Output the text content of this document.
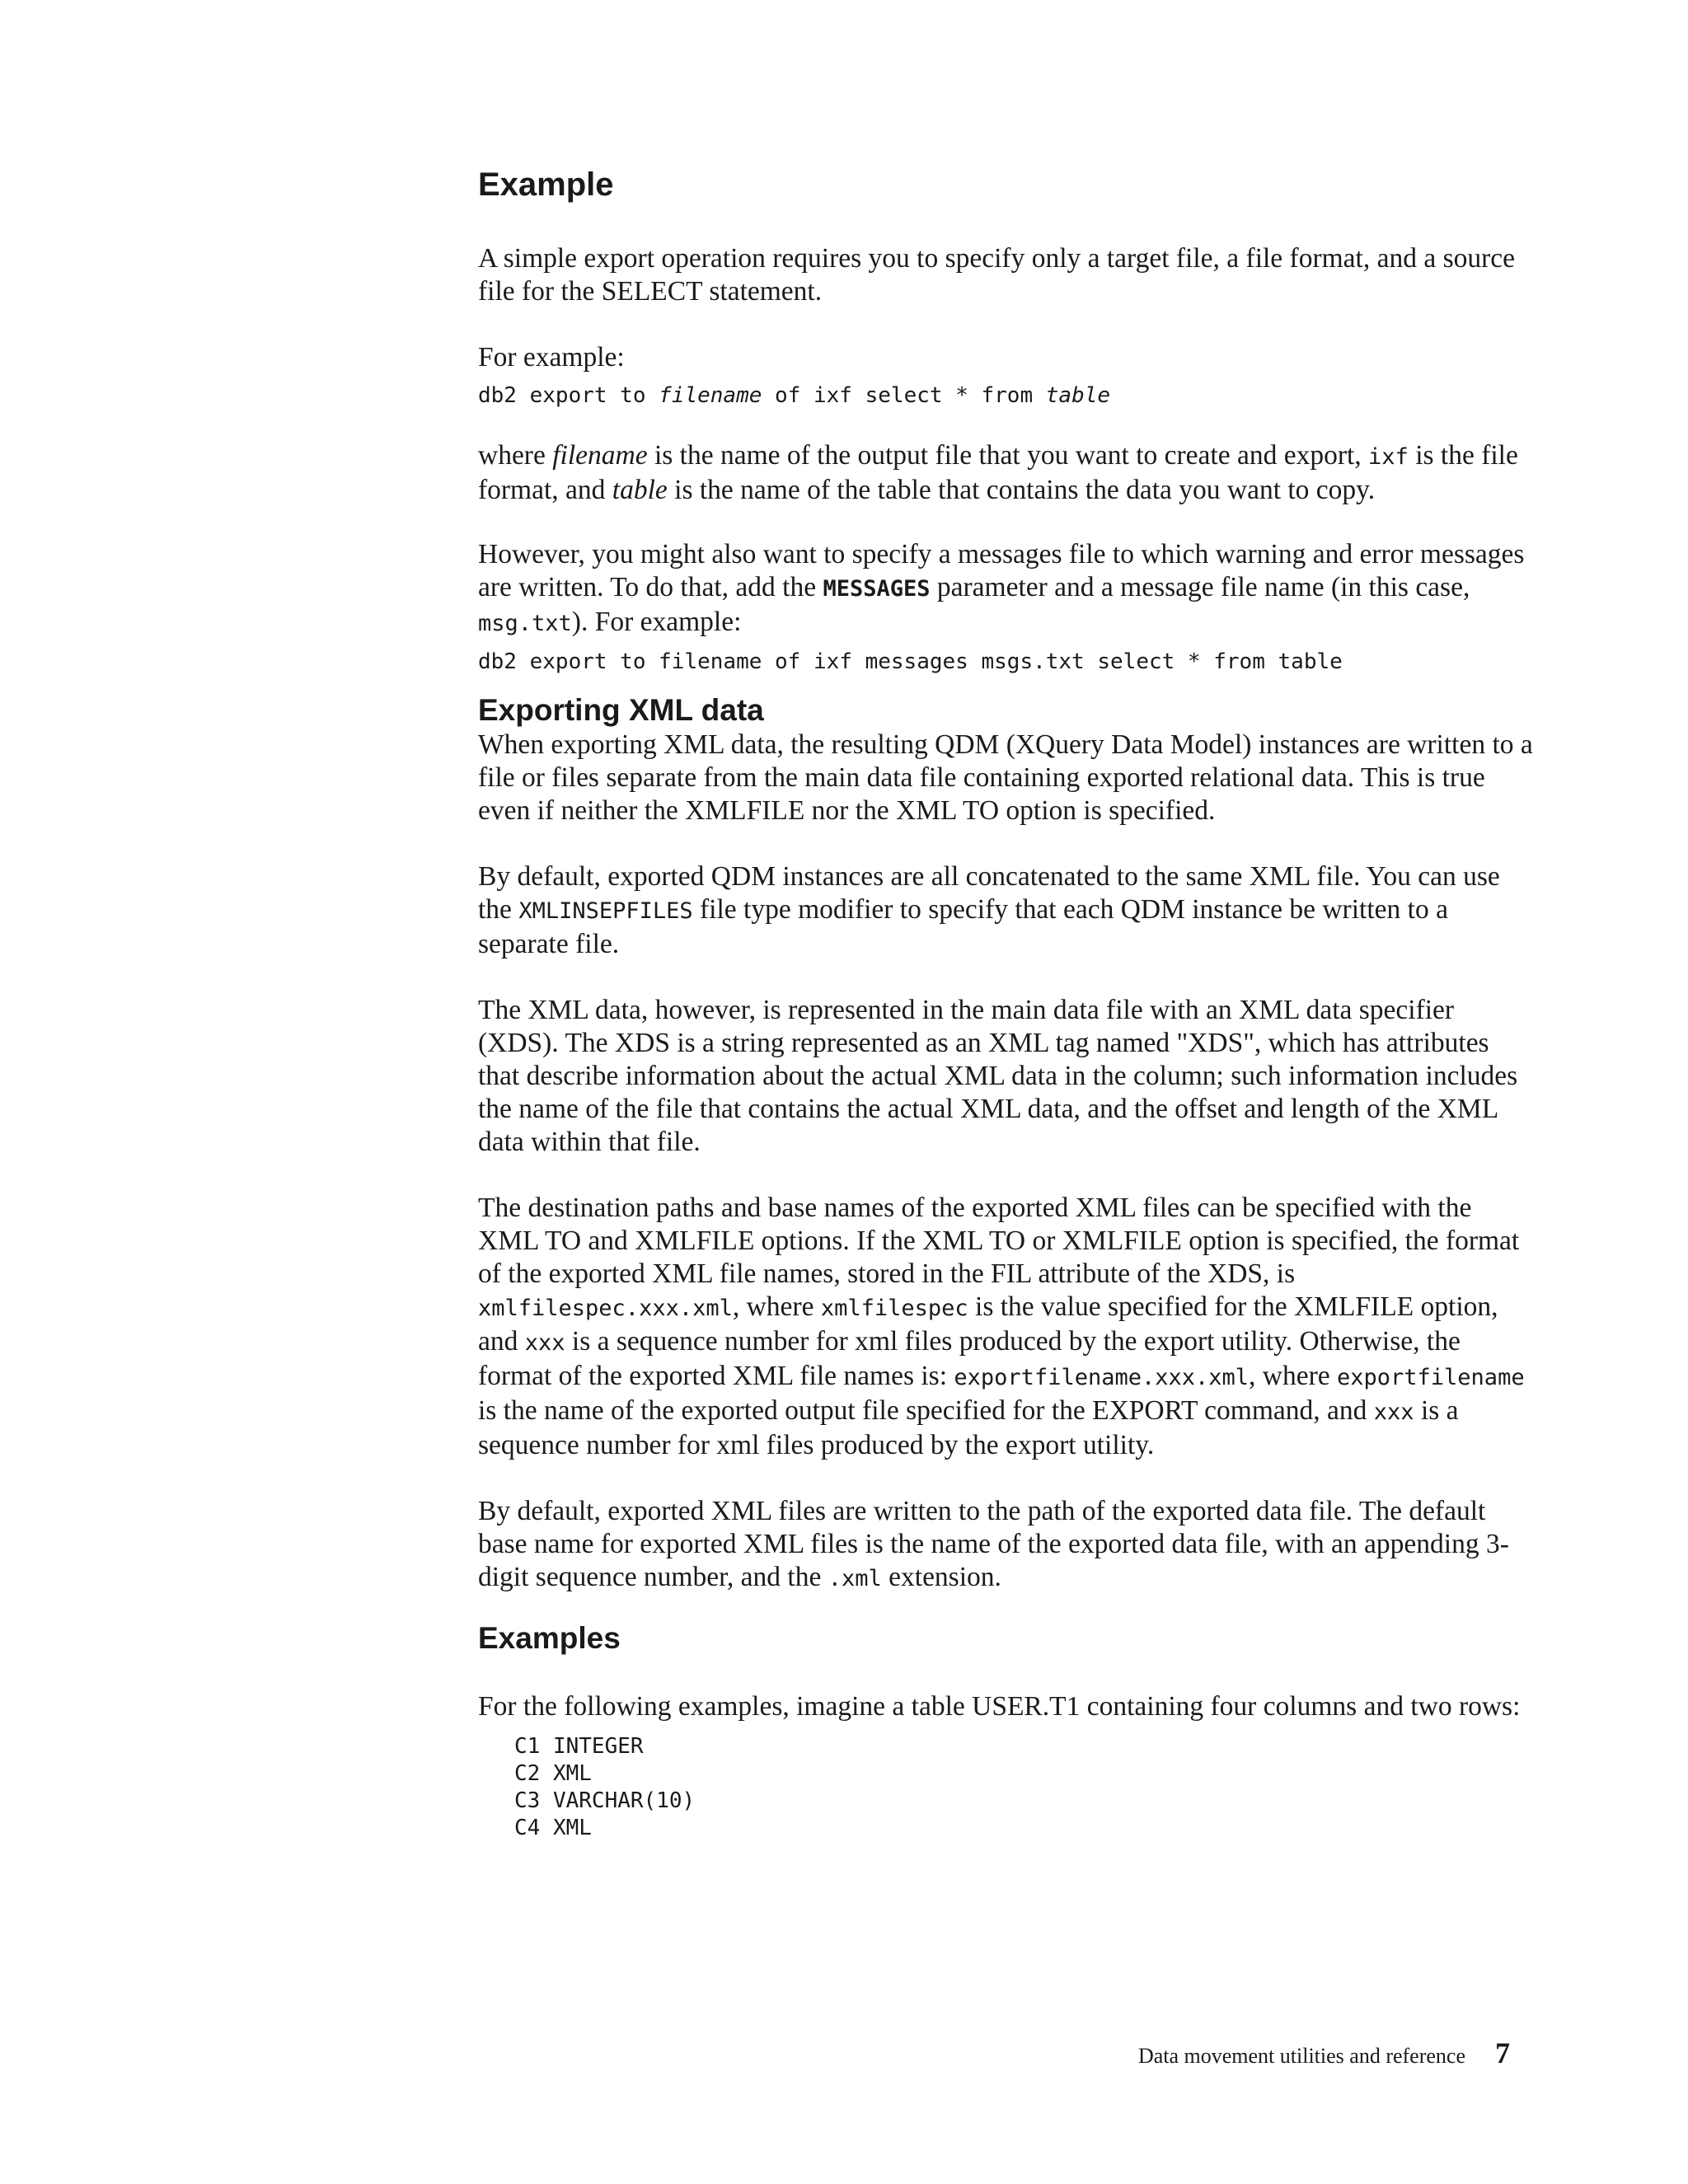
Example

A simple export operation requires you to specify only a target file, a file format, and a source file for the SELECT statement.

For example:

db2 export to filename of ixf select * from table

where filename is the name of the output file that you want to create and export, ixf is the file format, and table is the name of the table that contains the data you want to copy.

However, you might also want to specify a messages file to which warning and error messages are written. To do that, add the MESSAGES parameter and a message file name (in this case, msg.txt). For example:

db2 export to filename of ixf messages msgs.txt select * from table
Exporting XML data

When exporting XML data, the resulting QDM (XQuery Data Model) instances are written to a file or files separate from the main data file containing exported relational data. This is true even if neither the XMLFILE nor the XML TO option is specified.

By default, exported QDM instances are all concatenated to the same XML file. You can use the XMLINSEPFILES file type modifier to specify that each QDM instance be written to a separate file.

The XML data, however, is represented in the main data file with an XML data specifier (XDS). The XDS is a string represented as an XML tag named "XDS", which has attributes that describe information about the actual XML data in the column; such information includes the name of the file that contains the actual XML data, and the offset and length of the XML data within that file.

The destination paths and base names of the exported XML files can be specified with the XML TO and XMLFILE options. If the XML TO or XMLFILE option is specified, the format of the exported XML file names, stored in the FIL attribute of the XDS, is xmlfilespec.xxx.xml, where xmlfilespec is the value specified for the XMLFILE option, and xxx is a sequence number for xml files produced by the export utility. Otherwise, the format of the exported XML file names is: exportfilename.xxx.xml, where exportfilename is the name of the exported output file specified for the EXPORT command, and xxx is a sequence number for xml files produced by the export utility.

By default, exported XML files are written to the path of the exported data file. The default base name for exported XML files is the name of the exported data file, with an appending 3-digit sequence number, and the .xml extension.

Examples

For the following examples, imagine a table USER.T1 containing four columns and two rows:

C1 INTEGER
C2 XML
C3 VARCHAR(10)
C4 XML
Data movement utilities and reference 7
